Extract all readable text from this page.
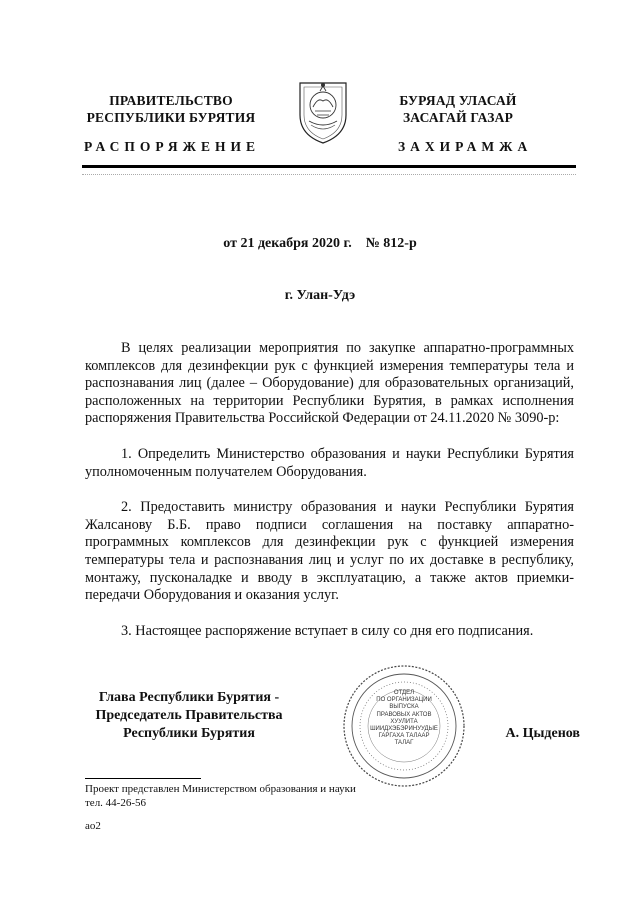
ПРАВИТЕЛЬСТВО
РЕСПУБЛИКИ БУРЯТИЯ
РАСПОРЯЖЕНИЕ
БУРЯАД УЛАСАЙ
ЗАСАГАЙ ГАЗАР
ЗАХИРАМЖА
от 21 декабря 2020 г.    № 812-р
г. Улан-Удэ

В целях реализации мероприятия по закупке аппаратно-программных комплексов для дезинфекции рук с функцией измерения температуры тела и распознавания лиц (далее – Оборудование) для образовательных организаций, расположенных на территории Республики Бурятия, в рамках исполнения распоряжения Правительства Российской Федерации от 24.11.2020 № 3090-р:

1. Определить Министерство образования и науки Республики Бурятия уполномоченным получателем Оборудования.

2. Предоставить министру образования и науки Республики Бурятия Жалсанову Б.Б. право подписи соглашения на поставку аппаратно-программных комплексов для дезинфекции рук с функцией измерения температуры тела и распознавания лиц и услуг по их доставке в республику, монтажу, пусконаладке и вводу в эксплуатацию, а также актов приемки-передачи Оборудования и оказания услуг.

3. Настоящее распоряжение вступает в силу со дня его подписания.

Глава Республики Бурятия -
Председатель Правительства
Республики Бурятия
ОТДЕЛ
ПО ОРГАНИЗАЦИИ
ВЫПУСКА
ПРАВОВЫХ АКТОВ
ХУУЛИТА
ШИИДХЭБЭРИНУУДЫЕ
ГАРГАХА ТАЛААР
ТАЛАГ
А. Цыденов
Проект представлен Министерством образования и науки
тел. 44-26-56
ао2
